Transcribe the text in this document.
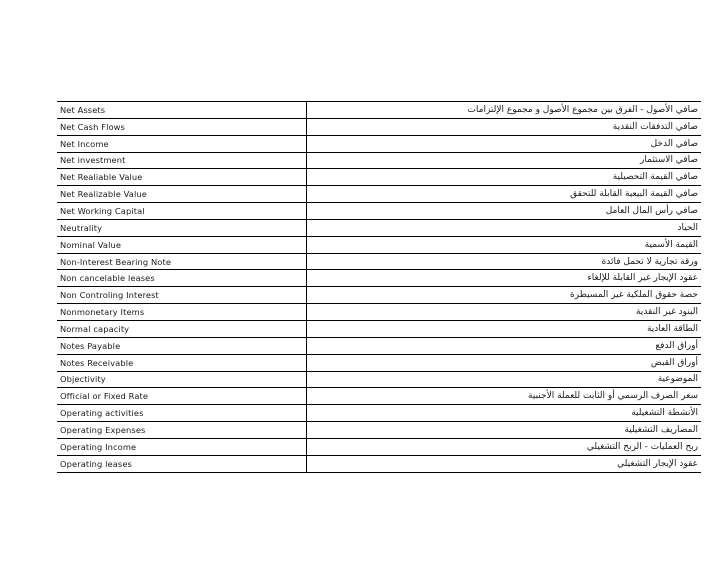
Net Assets	صافي الأصول - الفرق بين مجموع الأصول و مجموع الإلتزامات
Net Cash Flows	صافي التدفقات النقدية
Net Income	صافي الدخل
Net investment	صافي الاستثمار
Net Realiable Value	صافي القيمة التحصيلية
Net Realizable Value	صافي القيمة البيعية القابلة للتحقق
Net Working Capital	صافي رأس المال العامل
Neutrality	الحياد
Nominal Value	القيمة الأسمية
Non-Interest Bearing Note	ورقة تجارية لا تحمل فائدة
Non cancelable leases	عقود الإيجار غير القابلة للإلغاء
Non Controling Interest	حصة حقوق الملكية غير المسيطرة
Nonmonetary Items	البنود غير النقدية
Normal capacity	الطاقة العادية
Notes Payable	أوراق الدفع
Notes Receivable	أوراق القبض
Objectivity	الموضوعية
Official or Fixed Rate	سعر الصرف الرسمي أو الثابت للعملة الأجنبية
Operating activities	الأنشطة التشغيلية
Operating Expenses	المصاريف التشغيلية
Operating Income	ربح العمليات - الربح التشغيلي
Operating leases	عقود الإيجار التشغيلي
